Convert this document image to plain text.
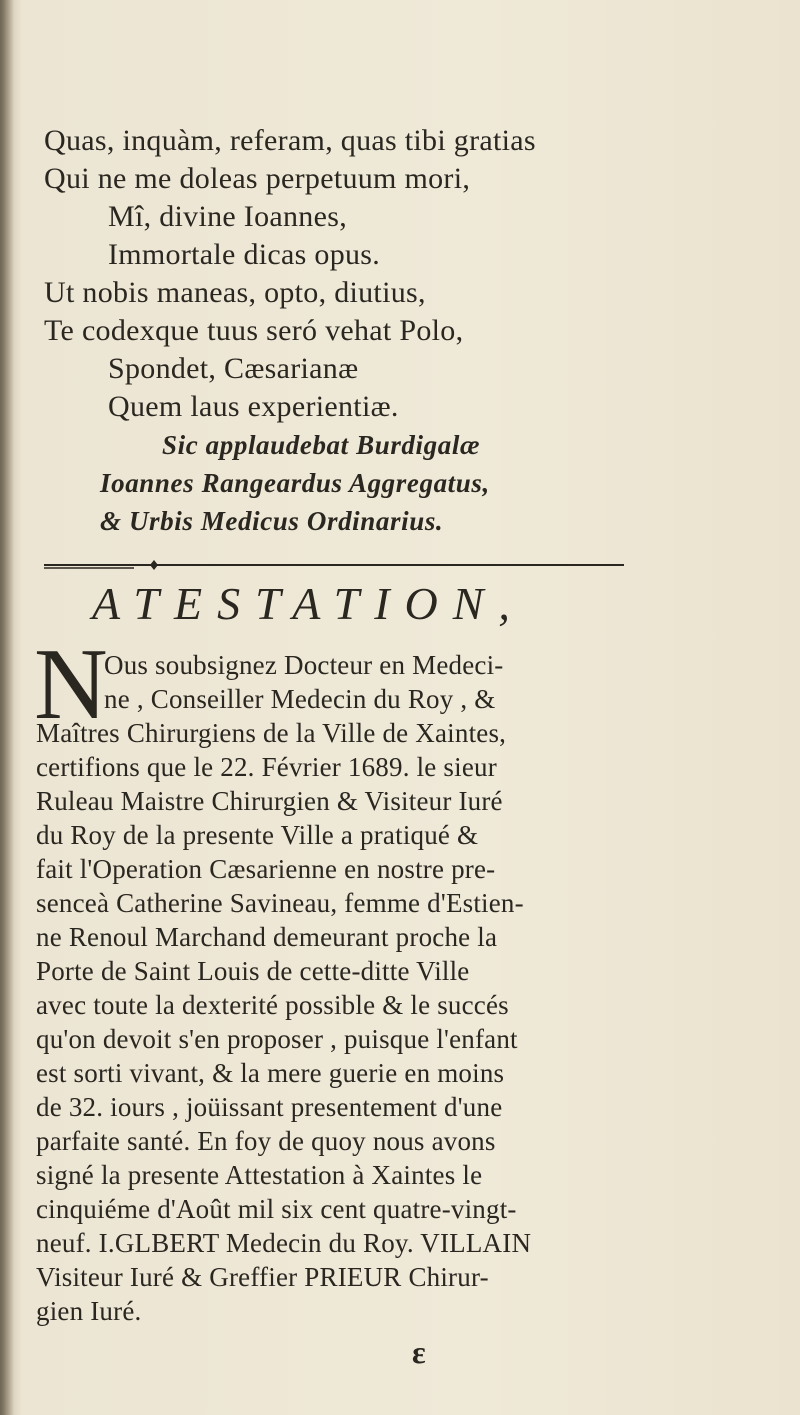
Quas, inquàm, referam, quas tibi gratias
Qui ne me doleas perpetuum mori,
Mî, divine Ioannes,
Immortale dicas opus.
Ut nobis maneas, opto, diutius,
Te codexque tuus seró vehat Polo,
Spondet, Cæsarianæ
Quem laus experientiæ.
Sic applaudebat Burdigalæ
Ioannes Rangeardus Aggregatus,
& Urbis Medicus Ordinarius.
ATESTATION,
N
Ous soubsignez Docteur en Medeci-
ne , Conseiller Medecin du Roy , &
Maîtres Chirurgiens de la Ville de Xaintes,
certifions que le 22. Février 1689. le sieur
Ruleau Maistre Chirurgien & Visiteur Iuré
du Roy de la presente Ville a pratiqué &
fait l'Operation Cæsarienne en nostre pre-
senceà Catherine Savineau, femme d'Estien-
ne Renoul Marchand demeurant proche la
Porte de Saint Louis de cette-ditte Ville
avec toute la dexterité possible & le succés
qu'on devoit s'en proposer , puisque l'enfant
est sorti vivant, & la mere guerie en moins
de 32. iours , joüissant presentement d'une
parfaite santé. En foy de quoy nous avons
signé la presente Attestation à Xaintes le
cinquiéme d'Août mil six cent quatre-vingt-
neuf. I.GLBERT Medecin du Roy. VILLAIN
Visiteur Iuré & Greffier PRIEUR Chirur-
gien Iuré.
ε
